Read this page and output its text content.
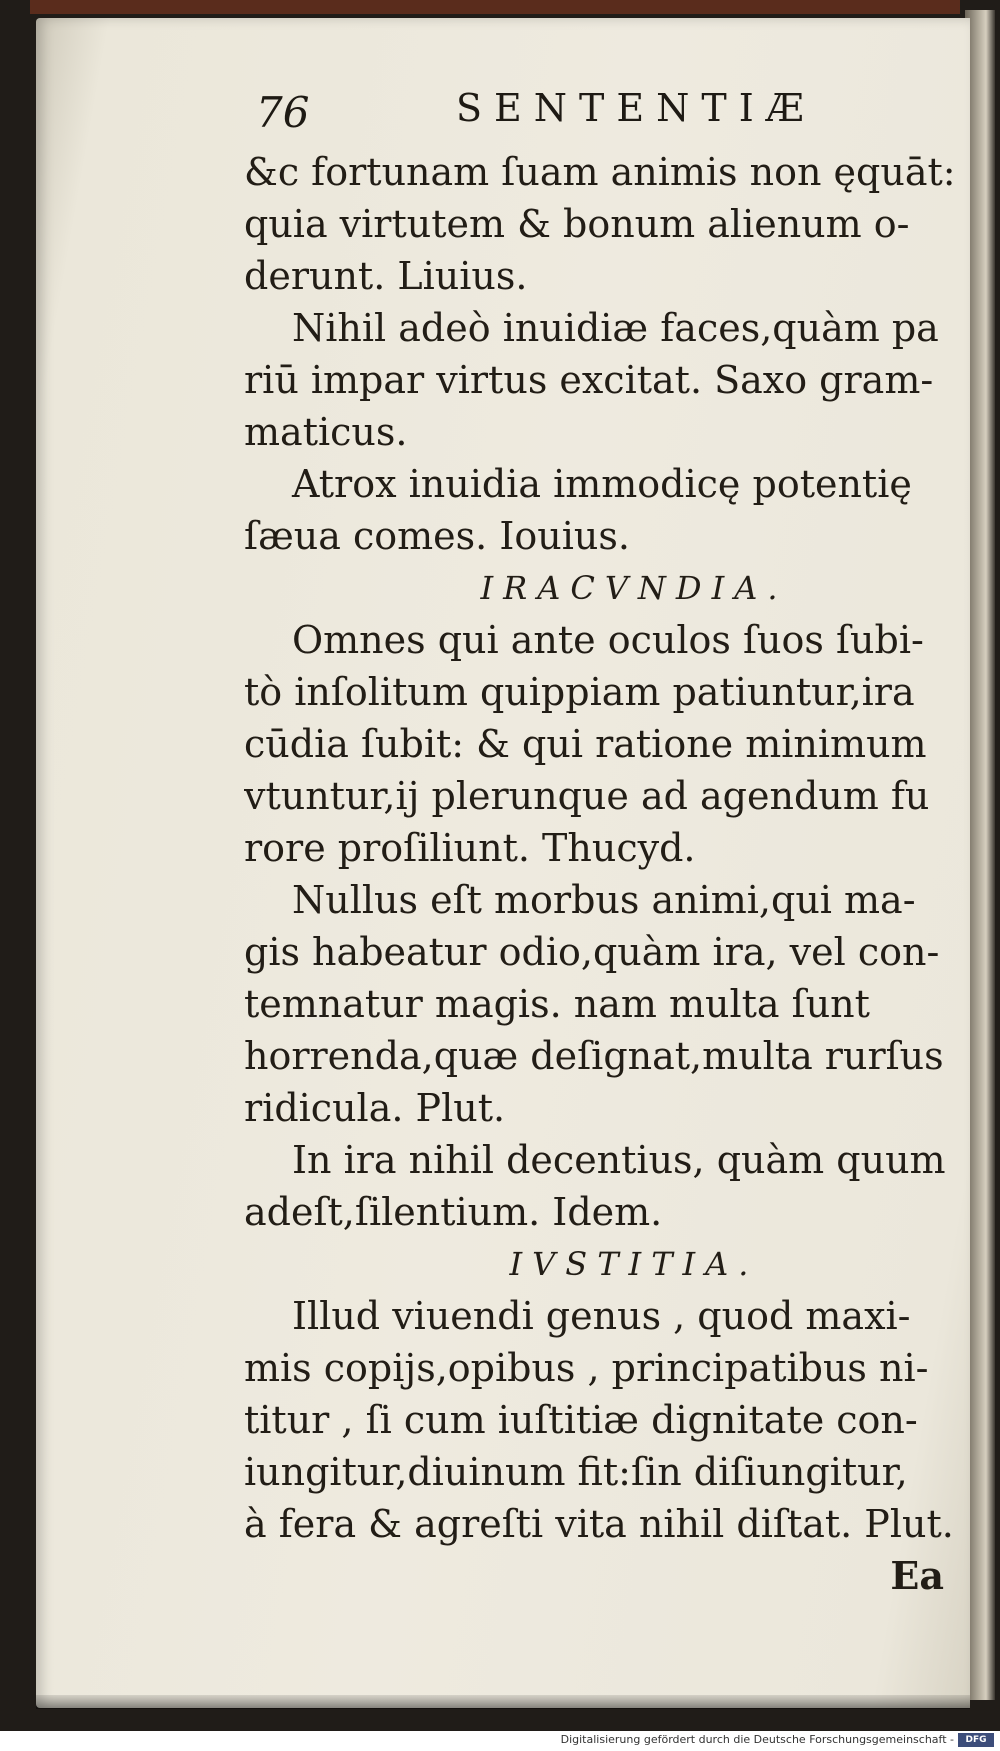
76	SENTENTIÆ
&c fortunam ſuam animis non ęquāt:
quia virtutem & bonum alienum o-
derunt. Liuius.
Nihil adeò inuidiæ faces,quàm pa
riū impar virtus excitat. Saxo gram-
maticus.
Atrox inuidia immodicę potentię
ſæua comes. Iouius.
IRACVNDIA.
Omnes qui ante oculos ſuos ſubi-
tò inſolitum quippiam patiuntur,ira
cūdia ſubit: & qui ratione minimum
vtuntur,ij plerunque ad agendum fu
rore proſiliunt. Thucyd.
Nullus eſt morbus animi,qui ma-
gis habeatur odio,quàm ira, vel con-
temnatur magis. nam multa ſunt
horrenda,quæ deſignat,multa rurſus
ridicula. Plut.
In ira nihil decentius, quàm quum
adeſt,ſilentium. Idem.
IVSTITIA.
Illud viuendi genus , quod maxi-
mis copijs,opibus , principatibus ni-
titur , ſi cum iuſtitiæ dignitate con-
iungitur,diuinum fit:ſin diſiungitur,
à fera & agreſti vita nihil diſtat. Plut.
Ea
Digitalisierung gefördert durch die Deutsche Forschungsgemeinschaft -	DFG
